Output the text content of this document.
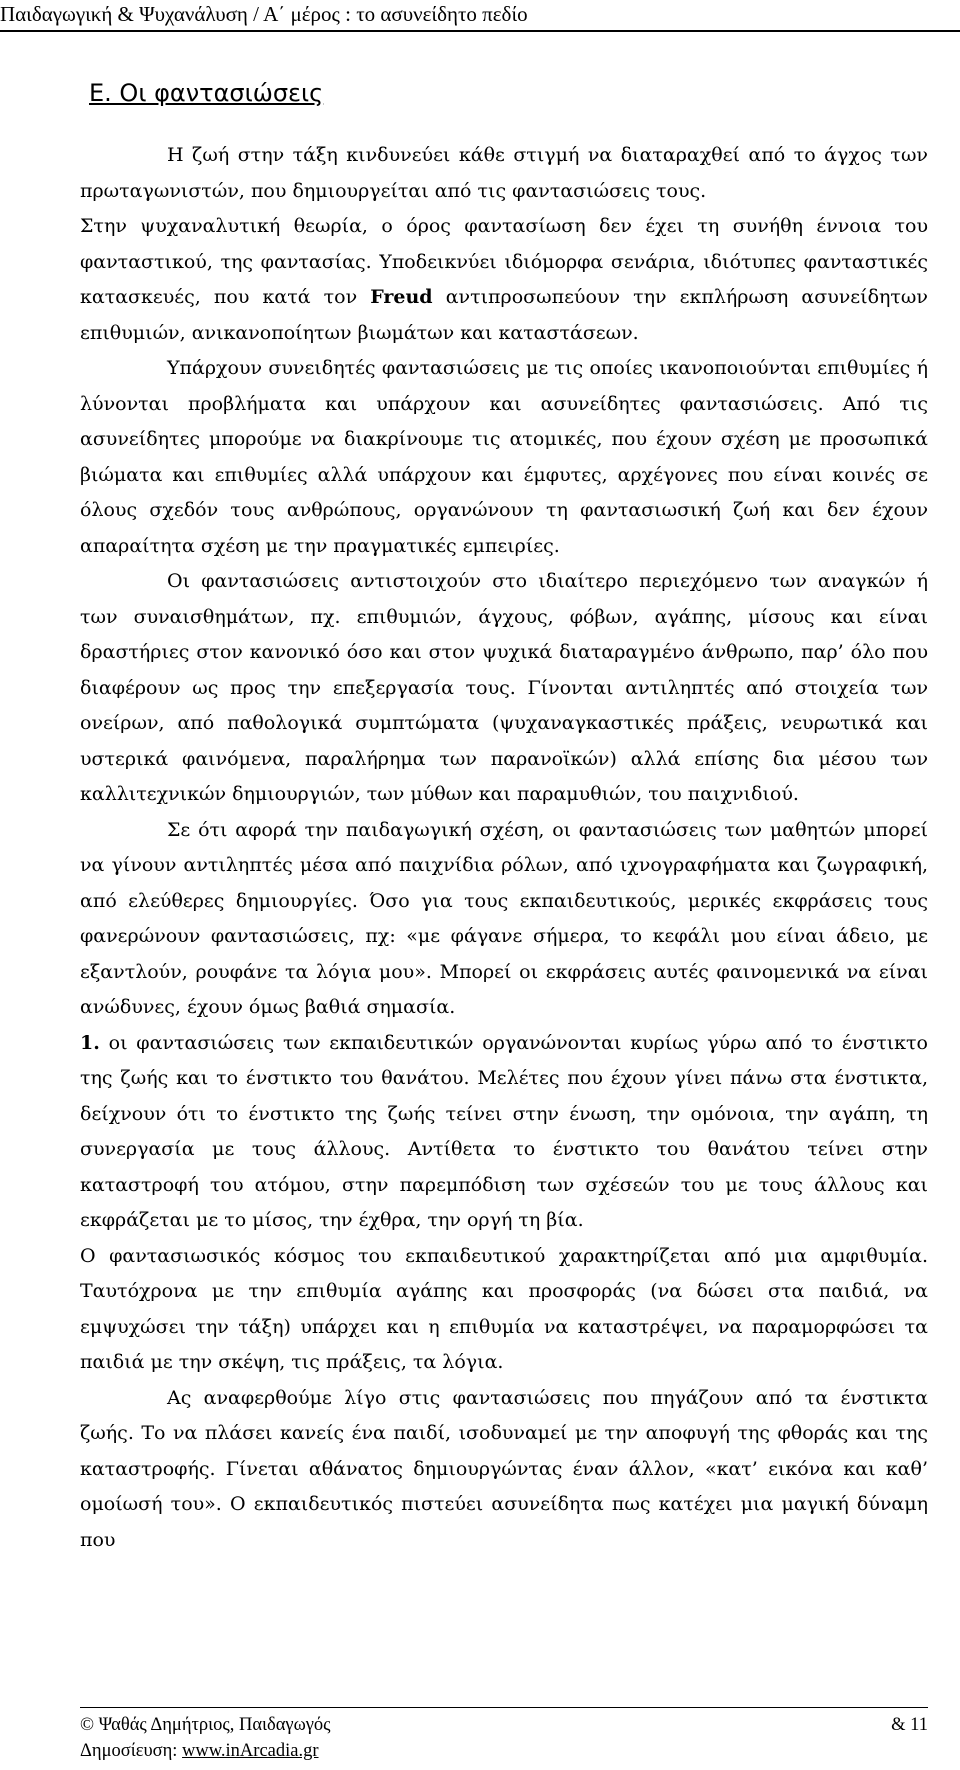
Παιδαγωγική & Ψυχανάλυση / Α΄ μέρος : το ασυνείδητο πεδίο
Ε. Οι φαντασιώσεις

Η ζωή στην τάξη κινδυνεύει κάθε στιγμή να διαταραχθεί από το άγχος των πρωταγωνιστών, που δημιουργείται από τις φαντασιώσεις τους.

Στην ψυχαναλυτική θεωρία, ο όρος φαντασίωση δεν έχει τη συνήθη έννοια του φανταστικού, της φαντασίας. Υποδεικνύει ιδιόμορφα σενάρια, ιδιότυπες φανταστικές κατασκευές, που κατά τον Freud αντιπροσωπεύουν την εκπλήρωση ασυνείδητων επιθυμιών, ανικανοποίητων βιωμάτων και καταστάσεων.

Υπάρχουν συνειδητές φαντασιώσεις με τις οποίες ικανοποιούνται επιθυμίες ή λύνονται προβλήματα και υπάρχουν και ασυνείδητες φαντασιώσεις. Από τις ασυνείδητες μπορούμε να διακρίνουμε τις ατομικές, που έχουν σχέση με προσωπικά βιώματα και επιθυμίες αλλά υπάρχουν και έμφυτες, αρχέγονες που είναι κοινές σε όλους σχεδόν τους ανθρώπους, οργανώνουν τη φαντασιωσική ζωή και δεν έχουν απαραίτητα σχέση με την πραγματικές εμπειρίες.

Οι φαντασιώσεις αντιστοιχούν στο ιδιαίτερο περιεχόμενο των αναγκών ή των συναισθημάτων, πχ. επιθυμιών, άγχους, φόβων, αγάπης, μίσους και είναι δραστήριες στον κανονικό όσο και στον ψυχικά διαταραγμένο άνθρωπο, παρ’ όλο που διαφέρουν ως προς την επεξεργασία τους. Γίνονται αντιληπτές από στοιχεία των ονείρων, από παθολογικά συμπτώματα (ψυχαναγκαστικές πράξεις, νευρωτικά και υστερικά φαινόμενα, παραλήρημα των παρανοϊκών) αλλά επίσης δια μέσου των καλλιτεχνικών δημιουργιών, των μύθων και παραμυθιών, του παιχνιδιού.

Σε ότι αφορά την παιδαγωγική σχέση, οι φαντασιώσεις των μαθητών μπορεί να γίνουν αντιληπτές μέσα από παιχνίδια ρόλων, από ιχνογραφήματα και ζωγραφική, από ελεύθερες δημιουργίες. Όσο για τους εκπαιδευτικούς, μερικές εκφράσεις τους φανερώνουν φαντασιώσεις, πχ: «με φάγανε σήμερα, το κεφάλι μου είναι άδειο, με εξαντλούν, ρουφάνε τα λόγια μου». Μπορεί οι εκφράσεις αυτές φαινομενικά να είναι ανώδυνες, έχουν όμως βαθιά σημασία.

1. οι φαντασιώσεις των εκπαιδευτικών οργανώνονται κυρίως γύρω από το ένστικτο της ζωής και το ένστικτο του θανάτου. Μελέτες που έχουν γίνει πάνω στα ένστικτα, δείχνουν ότι το ένστικτο της ζωής τείνει στην ένωση, την ομόνοια, την αγάπη, τη συνεργασία με τους άλλους. Αντίθετα το ένστικτο του θανάτου τείνει στην καταστροφή του ατόμου, στην παρεμπόδιση των σχέσεών του με τους άλλους και εκφράζεται με το μίσος, την έχθρα, την οργή τη βία.

Ο φαντασιωσικός κόσμος του εκπαιδευτικού χαρακτηρίζεται από μια αμφιθυμία. Ταυτόχρονα με την επιθυμία αγάπης και προσφοράς (να δώσει στα παιδιά, να εμψυχώσει την τάξη) υπάρχει και η επιθυμία να καταστρέψει, να παραμορφώσει τα παιδιά με την σκέψη, τις πράξεις, τα λόγια.

Ας αναφερθούμε λίγο στις φαντασιώσεις που πηγάζουν από τα ένστικτα ζωής. Το να πλάσει κανείς ένα παιδί, ισοδυναμεί με την αποφυγή της φθοράς και της καταστροφής. Γίνεται αθάνατος δημιουργώντας έναν άλλον, «κατ’ εικόνα και καθ’ ομοίωσή του». Ο εκπαιδευτικός πιστεύει ασυνείδητα πως κατέχει μια μαγική δύναμη που

© Ψαθάς Δημήτριος, Παιδαγωγός	& 11
Δημοσίευση: www.inArcadia.gr
